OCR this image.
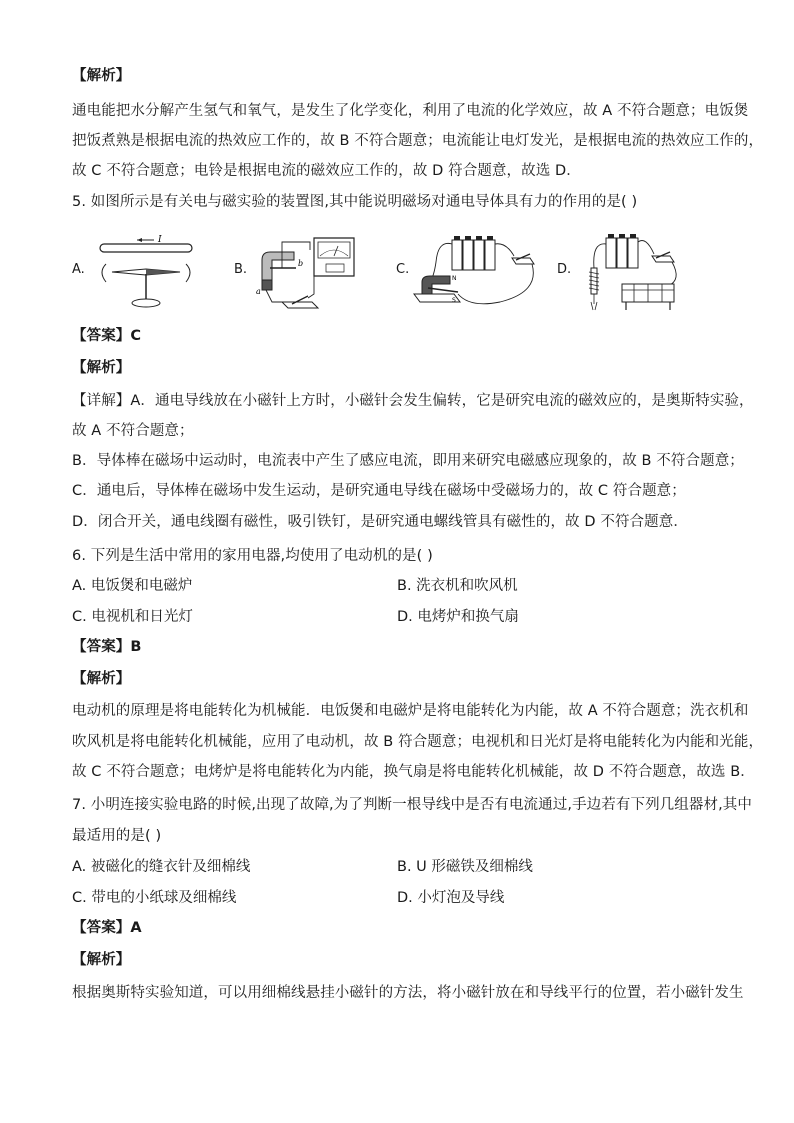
【解析】
通电能把水分解产生氢气和氧气，是发生了化学变化，利用了电流的化学效应，故 A 不符合题意；电饭煲
把饭煮熟是根据电流的热效应工作的，故 B 不符合题意；电流能让电灯发光，是根据电流的热效应工作的，
故 C 不符合题意；电铃是根据电流的磁效应工作的，故 D 符合题意，故选 D．
5. 如图所示是有关电与磁实验的装置图,其中能说明磁场对通电导体具有力的作用的是( )
A.
I
B.	b
a
C.
N
S
D.
【答案】C
【解析】
【详解】A．通电导线放在小磁针上方时，小磁针会发生偏转，它是研究电流的磁效应的，是奥斯特实验，
故 A 不符合题意；
B．导体棒在磁场中运动时，电流表中产生了感应电流，即用来研究电磁感应现象的，故 B 不符合题意；
C．通电后，导体棒在磁场中发生运动，是研究通电导线在磁场中受磁场力的，故 C 符合题意；
D．闭合开关，通电线圈有磁性，吸引铁钉，是研究通电螺线管具有磁性的，故 D 不符合题意．
6. 下列是生活中常用的家用电器,均使用了电动机的是( )
A. 电饭煲和电磁炉	B. 洗衣机和吹风机
C. 电视机和日光灯	D. 电烤炉和换气扇
【答案】B
【解析】
电动机的原理是将电能转化为机械能．电饭煲和电磁炉是将电能转化为内能，故 A 不符合题意；洗衣机和
吹风机是将电能转化机械能，应用了电动机，故 B 符合题意；电视机和日光灯是将电能转化为内能和光能，
故 C 不符合题意；电烤炉是将电能转化为内能，换气扇是将电能转化机械能，故 D 不符合题意，故选 B．
7. 小明连接实验电路的时候,出现了故障,为了判断一根导线中是否有电流通过,手边若有下列几组器材,其中
最适用的是( )
A. 被磁化的缝衣针及细棉线	B. U 形磁铁及细棉线
C. 带电的小纸球及细棉线	D. 小灯泡及导线
【答案】A
【解析】
根据奥斯特实验知道，可以用细棉线悬挂小磁针的方法，将小磁针放在和导线平行的位置，若小磁针发生
